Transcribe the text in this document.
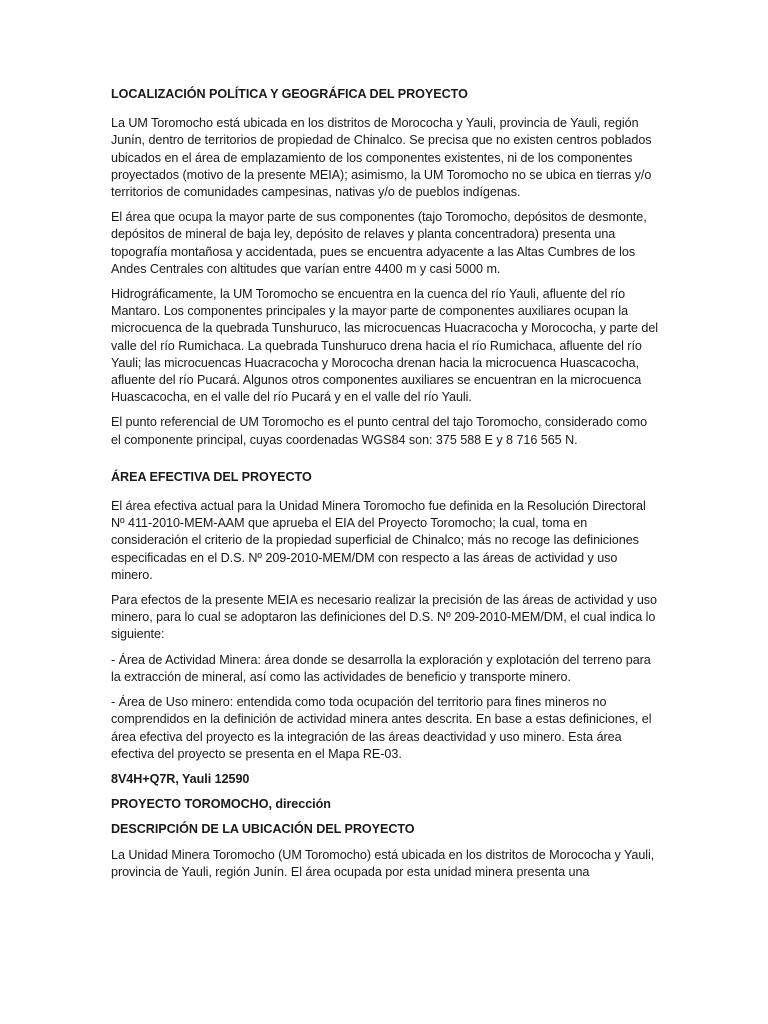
LOCALIZACIÓN POLÍTICA Y GEOGRÁFICA DEL PROYECTO

La UM Toromocho está ubicada en los distritos de Morococha y Yauli, provincia de Yauli, región Junín, dentro de territorios de propiedad de Chinalco. Se precisa que no existen centros poblados ubicados en el área de emplazamiento de los componentes existentes, ni de los componentes proyectados (motivo de la presente MEIA); asimismo, la UM Toromocho no se ubica en tierras y/o territorios de comunidades campesinas, nativas y/o de pueblos indígenas.

El área que ocupa la mayor parte de sus componentes (tajo Toromocho, depósitos de desmonte, depósitos de mineral de baja ley, depósito de relaves y planta concentradora) presenta una topografía montañosa y accidentada, pues se encuentra adyacente a las Altas Cumbres de los Andes Centrales con altitudes que varían entre 4400 m y casi 5000 m.

Hidrográficamente, la UM Toromocho se encuentra en la cuenca del río Yauli, afluente del río Mantaro. Los componentes principales y la mayor parte de componentes auxiliares ocupan la microcuenca de la quebrada Tunshuruco, las microcuencas Huacracocha y Morococha, y parte del valle del río Rumichaca. La quebrada Tunshuruco drena hacia el río Rumichaca, afluente del río Yauli; las microcuencas Huacracocha y Morococha drenan hacia la microcuenca Huascacocha, afluente del río Pucará. Algunos otros componentes auxiliares se encuentran en la microcuenca Huascacocha, en el valle del río Pucará y en el valle del río Yauli.

El punto referencial de UM Toromocho es el punto central del tajo Toromocho, considerado como el componente principal, cuyas coordenadas WGS84 son: 375 588 E y 8 716 565 N.

ÁREA EFECTIVA DEL PROYECTO

El área efectiva actual para la Unidad Minera Toromocho fue definida en la Resolución Directoral Nº 411-2010-MEM-AAM que aprueba el EIA del Proyecto Toromocho; la cual, toma en consideración el criterio de la propiedad superficial de Chinalco; más no recoge las definiciones especificadas en el D.S. Nº 209-2010-MEM/DM con respecto a las áreas de actividad y uso minero.

Para efectos de la presente MEIA es necesario realizar la precisión de las áreas de actividad y uso minero, para lo cual se adoptaron las definiciones del D.S. Nº 209-2010-MEM/DM, el cual indica lo siguiente:

- Área de Actividad Minera: área donde se desarrolla la exploración y explotación del terreno para la extracción de mineral, así como las actividades de beneficio y transporte minero.

- Área de Uso minero: entendida como toda ocupación del territorio para fines mineros no comprendidos en la definición de actividad minera antes descrita. En base a estas definiciones, el área efectiva del proyecto es la integración de las áreas deactividad y uso minero. Esta área efectiva del proyecto se presenta en el Mapa RE-03.

8V4H+Q7R, Yauli 12590

PROYECTO TOROMOCHO, dirección

DESCRIPCIÓN DE LA UBICACIÓN DEL PROYECTO

La Unidad Minera Toromocho (UM Toromocho) está ubicada en los distritos de Morococha y Yauli, provincia de Yauli, región Junín. El área ocupada por esta unidad minera presenta una
